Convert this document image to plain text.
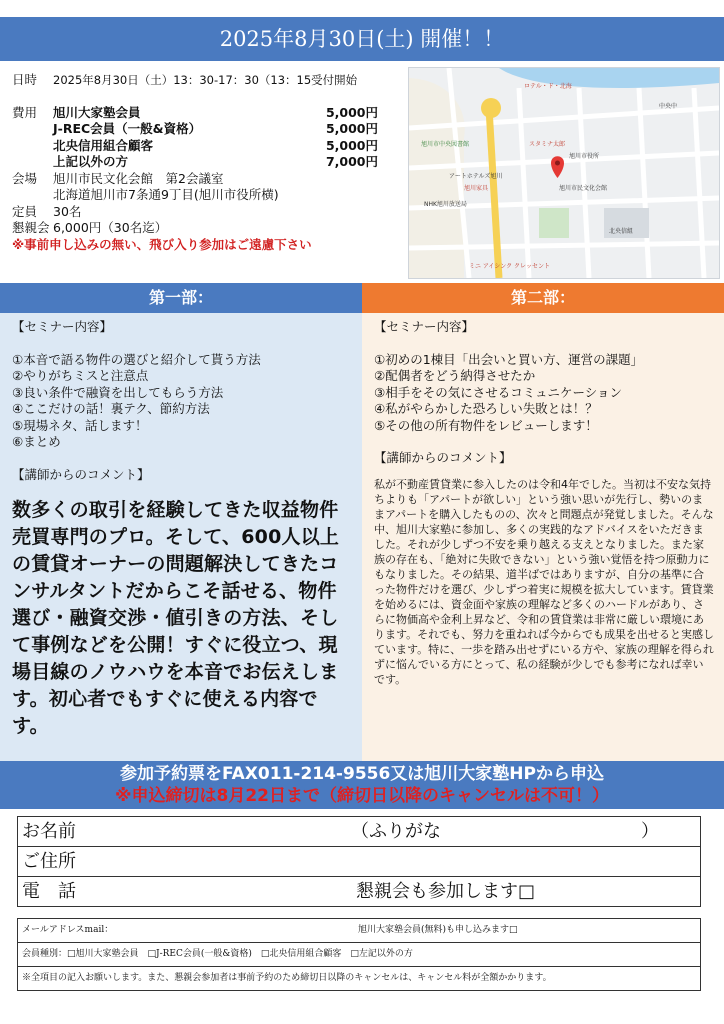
2025年8月30日(土) 開催！！
日時	2025年8月30日（土）13：30-17：30（13：15受付開始
費用	旭川大家塾会員	5,000円
J-REC会員（一般&資格）	5,000円
北央信用組合顧客	5,000円
上記以外の方	7,000円
会場	旭川市民文化会館　第2会議室
北海道旭川市7条通9丁目(旭川市役所横)
定員	30名
懇親会 6,000円（30名迄）
※事前申し込みの無い、飛び入り参加はご遠慮下さい
ロテル・ド・北海
旭川市中央図書館
旭川市役所
スタミナ太郎
アートホテルズ旭川
NHK旭川放送局
旭川市民文化会館
旭川家具
北央信組
中央中
ミニ アイシンク クレッセント
第一部：	第二部：
【セミナー内容】
①本音で語る物件の選びと紹介して貰う方法
②やりがちミスと注意点
③良い条件で融資を出してもらう方法
④ここだけの話！裏テク、節約方法
⑤現場ネタ、話します！
⑥まとめ
【講師からのコメント】
数多くの取引を経験してきた収益物件売買専門のプロ。そして、600人以上の賃貸オーナーの問題解決してきたコンサルタントだからこそ話せる、物件選び・融資交渉・値引きの方法、そして事例などを公開！すぐに役立つ、現場目線のノウハウを本音でお伝えします。初心者でもすぐに使える内容です。
【セミナー内容】
①初めの1棟目「出会いと買い方、運営の課題」
②配偶者をどう納得させたか
③相手をその気にさせるコミュニケーション
④私がやらかした恐ろしい失敗とは！？
⑤その他の所有物件をレビューします！
【講師からのコメント】
私が不動産賃貸業に参入したのは令和4年でした。当初は不安な気持ちよりも「アパートが欲しい」という強い思いが先行し、勢いのままアパートを購入したものの、次々と問題点が発覚しました。そんな中、旭川大家塾に参加し、多くの実践的なアドバイスをいただきました。それが少しずつ不安を乗り越える支えとなりました。また家族の存在も、「絶対に失敗できない」という強い覚悟を持つ原動力にもなりました。その結果、道半ばではありますが、自分の基準に合った物件だけを選び、少しずつ着実に規模を拡大しています。賃貸業を始めるには、資金面や家族の理解など多くのハードルがあり、さらに物価高や金利上昇など、令和の賃貸業は非常に厳しい環境にあります。それでも、努力を重ねれば今からでも成果を出せると実感しています。特に、一歩を踏み出せずにいる方や、家族の理解を得られずに悩んでいる方にとって、私の経験が少しでも参考になれば幸いです。
参加予約票をFAX011-214-9556又は旭川大家塾HPから申込
※申込締切は8月22日まで（締切日以降のキャンセルは不可！）
お名前	（ふりがな	）
ご住所
電　話	懇親会も参加します□
メールアドレスmail：	旭川大家塾会員(無料)も申し込みます□
会員種別：□旭川大家塾会員　□J-REC会員(一般&資格)　□北央信用組合顧客　□左記以外の方
※全項目の記入お願いします。また、懇親会参加者は事前予約のため締切日以降のキャンセルは、キャンセル料が全額かかります。
